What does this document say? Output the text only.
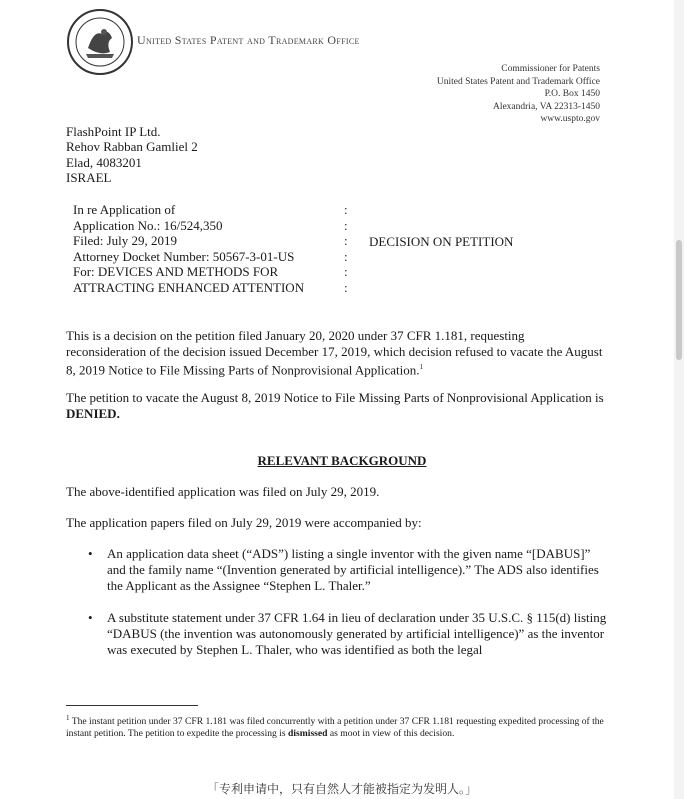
United States Patent and Trademark Office
Commissioner for Patents
United States Patent and Trademark Office
P.O. Box 1450
Alexandria, VA 22313-1450
www.uspto.gov
FlashPoint IP Ltd.
Rehov Rabban Gamliel 2
Elad, 4083201
ISRAEL
In re Application of
Application No.: 16/524,350
Filed: July 29, 2019
Attorney Docket Number: 50567-3-01-US
For: DEVICES AND METHODS FOR
ATTRACTING ENHANCED ATTENTION
:
:
:
:
:
:
DECISION ON PETITION
This is a decision on the petition filed January 20, 2020 under 37 CFR 1.181, requesting reconsideration of the decision issued December 17, 2019, which decision refused to vacate the August 8, 2019 Notice to File Missing Parts of Nonprovisional Application.$^1$
The petition to vacate the August 8, 2019 Notice to File Missing Parts of Nonprovisional Application is DENIED.
RELEVANT BACKGROUND
The above-identified application was filed on July 29, 2019.
The application papers filed on July 29, 2019 were accompanied by:
• An application data sheet (“ADS”) listing a single inventor with the given name “[DABUS]” and the family name “(Invention generated by artificial intelligence).” The ADS also identifies the Applicant as the Assignee “Stephen L. Thaler.”
• A substitute statement under 37 CFR 1.64 in lieu of declaration under 35 U.S.C. § 115(d) listing “DABUS (the invention was autonomously generated by artificial intelligence)” as the inventor was executed by Stephen L. Thaler, who was identified as both the legal
$^1$ The instant petition under 37 CFR 1.181 was filed concurrently with a petition under 37 CFR 1.181 requesting expedited processing of the instant petition. The petition to expedite the processing is dismissed as moot in view of this decision.
「专利申请中，只有自然人才能被指定为发明人。」
